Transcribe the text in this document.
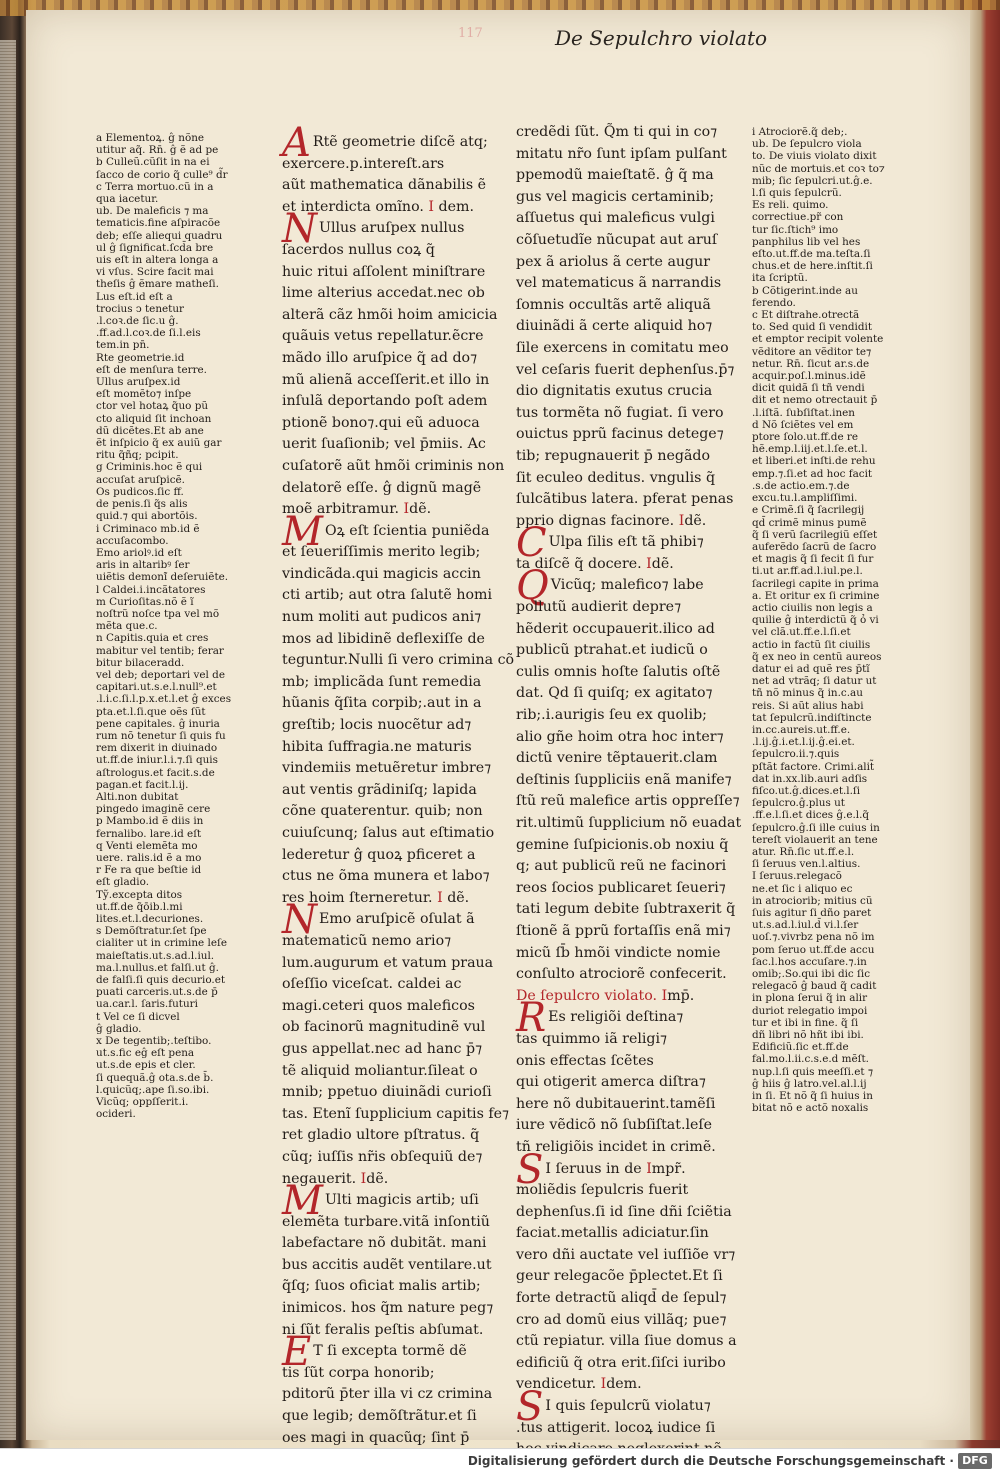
117	De Sepulchro violato
a Elementoꝝ. ĝ nõne
utitur aq̃. Rn̄. ĝ ẽ ad pe
b Culleũ.cũſit in na ei
ſacco de corio q̃ culle⁹ d̃r
c Terra mortuo.cũ in a
qua iacetur.
ub. De maleficis ⁊ ma
tematicis.fine aſpiracõe
deb; eſſe aliequi quadru
ul ĝ ſignificat.ſcd̄a bre
uis eſt in altera longa a
vi vſus. Scire facit mai
theſis ĝ ẽmare matheſi.
Lus eſt.id eſt a
trocius ↄ tenetur
.l.coꝛ.de ſic.u ĝ.
.ff.ad.l.coꝛ.de ſi.l.eis
tem.in pn̄.
Rte geometrie.id
eſt de menſura terre.
Ullus aruſpex.id
eſt momẽto⁊ inſpe
ctor vel hotaꝝ q̃uo pũ
cto aliquid ſit inchoan
dũ dicẽtes.Et ab ane
ẽt inſpicio q̃ ex auiũ gar
ritu q̃ñq; pcipit.
g Criminis.hoc ẽ qui
accuſat aruſpicẽ.
Os pudicos.ſic ff.
de penis.ſi q̃s alis
quid.⁊ qui abortõis.
i Criminaco mb.id ẽ
accuſacombo.
Emo ariolꝰ.id eſt
aris in altaribꝰ ſer
uiẽtis demoni̇̃ deſeruiẽte.
l Caldei.i.incãtatores
m Curioſitas.nõ ẽ ĩ
noſtrũ noſce tpa vel mõ
mẽta que.c.
n Capitis.quia et cres
mabitur vel tentib; ferar
bitur bilaceradd.
vel deb; deportari vel de
capitari.ut.s.e.l.null⁹.et
.l.i.c.ſi.l.p.x.et.l.et ĝ exces
pta.et.l.ſi.que oẽs ſũt
pene capitales. ĝ inuria
rum nõ tenetur ſi quis fu
rem dixerit in diuinado
ut.ff.de iniur.l.i.⁊.ſi quis
aſtrologus.et facit.s.de
pagan.et facit.l.ij.
Alti.non dubitat
pingedo imaginẽ cere
p Mambo.id ẽ diis in
fernalibo. lare.id eſt
q Venti elemẽta mo
uere. ralis.id ẽ a mo
r Fe ra que beſtie id
eſt gladio.
Tỹ.excepta ditos
ut.ff.de q̃ōib.l.mi
lites.et.l.decuriones.
s Demõſtratur.ſet ſpe
cialiter ut in crimine leſe
maieſtatis.ut.s.ad.l.iul.
ma.l.nullus.et falſi.ut ĝ.
de falſi.ſi quis decurio.et
puati carceris.ut.s.de p̄
ua.car.l. ſaris.futuri
t Vel ce ſi dicvel
ĝ gladio.
x De tegentib;.teſtibo.
ut.s.fic eĝ eſt pena
ut.s.de epis et cler.
ſi quequã.ĝ ota.s.de b̄.
l.quicũq;.ape ſi.so.ibi.
Vicũq; oppſſerit.i.
ocideri.
A Rtẽ geometrie diſcẽ atq;
exercere.p.intereſt.ars
aũt mathematica dãnabilis ẽ
et interdicta omĩno. I dem.
N Ullus aruſpex nullus
ſacerdos nullus coꝝ q̃
huic ritui aſſolent miniſtrare
lime alterius accedat.nec ob
alterã cãz hmõi hoim amicicia
quãuis vetus repellatur.ẽcre
mãdo illo aruſpice q̃ ad do⁊
mũ alienã acceſſerit.et illo in
inſulã deportando poſt adem
ptionẽ bono⁊.qui eũ aduoca
uerit ſuaſionib; vel p̄miis. Ac
cuſatorẽ aũt hmõi criminis non
delatorẽ eſſe. ĝ dignũ magẽ
moẽ arbitramur. Idẽ.
M Oꝝ eſt ſcientia puniẽda
et ſeueriſſimis merito legib;
vindicãda.qui magicis accin
cti artib; aut otra ſalutẽ homi
num moliti aut pudicos ani⁊
mos ad libidinẽ deflexiſſe de
teguntur.Nulli ſi vero crimina cõ
mb; implicãda ſunt remedia
hũanis q̃ſita corpib;.aut in a
greſtib; locis nuocẽtur ad⁊
hibita ſuffragia.ne maturis
vindemiis metuẽretur imbre⁊
aut ventis grãdiniſq; lapida
cõne quaterentur. quib; non
cuiuſcunq; ſalus aut eſtimatio
lederetur ĝ quoꝝ pficeret a
ctus ne õma munera et labo⁊
res hoim ſterneretur. I dẽ.
N Emo aruſpicẽ oſulat ã
matematicũ nemo ario⁊
lum.augurum et vatum praua
oſeſſio viceſcat. caldei ac
magi.ceteri quos maleficos
ob facinorũ magnitudinẽ vul
gus appellat.nec ad hanc p̄⁊
tẽ aliquid moliantur.ſileat o
mnib; ppetuo diuinãdi curioſi
tas. Etenĩ ſupplicium capitis fe⁊
ret gladio ultore pſtratus. q̃
cũq; iuſſis nr̃is obſequiũ de⁊
negauerit. Idẽ.
M Ulti magicis artib; uſi
elemẽta turbare.vitã inſontiũ
labefactare nõ dubitãt. mani
bus accitis audẽt ventilare.ut
q̃ſq; ſuos oficiat malis artib;
inimicos. hos q̃m nature peg⁊
ni ſũt feralis peſtis abſumat.
E T ſi excepta tormẽ dẽ
tis ſũt corpa honorib;
pditorũ p̄ter illa vi cz crimina
que legib; demõſtrãtur.et ſi
oes magi in quacũq; ſint p̄
credẽdi ſũt. Q̃m ti qui in co⁊
mitatu nr̃o ſunt ipſam pulſant
ppemodũ maieſtatẽ. ĝ q̃ ma
gus vel magicis certaminib;
aſſuetus qui maleficus vulgi
cõſuetudĩe nũcupat aut aruſ
pex ã ariolus ã certe augur
vel matematicus ã narrandis
ſomnis occultãs artẽ aliquã
diuinãdi ã certe aliquid ho⁊
ſile exercens in comitatu meo
vel ceſaris fuerit dephenſus.p̄⁊
dio dignitatis exutus crucia
tus tormẽta nõ fugiat. ſi vero
ouictus pprũ facinus detege⁊
tib; repugnauerit p̄ negãdo
ſit eculeo deditus. vngulis q̃
ſulcãtibus latera. pferat penas
pprio dignas facinore. Idẽ.
C Ulpa ſilis eſt tã phibi⁊
ta diſcẽ q̃ docere. Idẽ.
Q Vicũq; malefico⁊ labe
pollutũ audierit depre⁊
hẽderit occupauerit.ilico ad
publicũ ptrahat.et iudicũ o
culis omnis hoſte ſalutis oſtẽ
dat. Qd ſi quiſq; ex agitato⁊
rib;.i.aurigis ſeu ex quolib;
alio gñe hoim otra hoc inter⁊
dictũ venire tẽptauerit.clam
deſtinis ſuppliciis enã manife⁊
ſtũ reũ malefice artis oppreſſe⁊
rit.ultimũ ſupplicium nõ euadat
gemine ſuſpicionis.ob noxiu q̃
q; aut publicũ reũ ne facinori
reos ſocios publicaret ſeueri⁊
tati legum debite ſubtraxerit q̃
ſtionẽ ã pprũ fortaſſis enã mi⁊
micũ ſb̄ hmõi vindicte nomi̇e
conſulto atrociorẽ confecerit.
De ſepulcro violato. Imp̄.
R Es religiõi deſtina⁊
tas quimmo iã religi⁊
onis effectas ſcẽtes
qui otigerit amerca diſtra⁊
here nõ dubitauerint.tamẽſi
iure vẽdicõ nõ ſubſiſtat.leſe
tñ religiõis incidet in crimẽ.
S I ſeruus in de Impr̃.
moliẽdis ſepulcris fuerit
dephenſus.ſi id ſine dñi ſciẽtia
faciat.metallis adiciatur.ſin
vero dñi auctate vel iuſſiõe vr⁊
geur relegacõe p̄plectet.Et ſi
forte detractũ aliqd̄ de ſepul⁊
cro ad domũ eius villãq; pue⁊
ctũ repiatur. villa ſiue domus a
edificiũ q̃ otra erit.ſiſci iuribo
vendicetur. Idem.
S I quis ſepulcrũ violatu⁊
.tus attigerit. locoꝝ iudice ſi
i Atrociorẽ.q̃ deb;.
ub. De ſepulcro viola
to. De viuis violato dixit
nũc de mortuis.et coꝛ to⁊
mib; ſic ſepulcri.ut.ĝ.e.
l.ſi quis ſepulcrũ.
Es reli. quimo.
correctiue.pr̃ con
tur ſic.ſtich⁹ imo
panphilus lib vel hes
eſto.ut.ff.de ma.teſta.ſi
chus.et de here.inſtit.ſi
ita ſcriptũ.
b Cõtigerint.inde au
ferendo.
c Et diſtrahe.otrectã
to. Sed quid ſi vendidit
et emptor recipit volente
vẽditore an vẽditor te⁊
netur. Rn̄. ſicut ar.s.de
acquir.poſ.l.minus.idẽ
dicit quidã ſi tñ vendi
dit et nemo otrectauit p̄
.l.iſtã. ſubſiſtat.inen
d Nõ ſciẽtes vel em
ptore ſolo.ut.ff.de re
hẽ.emp.l.iij.et.l.ſe.et.l.
et liberi.et inſti.de rehu
emp.⁊.ſi.et ad hoc facit
.s.de actio.em.⁊.de
excu.tu.l.ampliſſimi.
e Crimẽ.ſi q̃ ſacrilegij
qd̄ crimẽ minus pumẽ
q̃ ſi verũ ſacrilegiũ eſſet
auferẽdo ſacrũ de ſacro
et magis q̃ ſi fecit ſi fur
ti.ut ar.ff.ad.l.iul.pe.l.
ſacrilegi capite in prima
a. Et oritur ex ſi crimine
actio ciuilis non legis a
quilie ĝ interdictũ q̃ ỏ vi
vel clã.ut.ff.e.l.ſi.et
actio in factũ ſit ciuilis
q̃ ex neo in centũ aureos
datur ei ad quẽ res p̄tĩ
net ad vtrãq; ſi datur ut
tñ nõ minus q̃ in.c.au
reis. Si aũt alius habi
tat ſepulcrũ.indiſtincte
in.cc.aureis.ut.ff.e.
.l.ij.ĝ.i.et.l.ij.ĝ.ei.et.
ſepulcro.ii.⁊.quis
pſtãt factore. Crimi.alit̃
dat in.xx.lib.auri adſis
fiſco.ut.ĝ.dices.et.l.ſi
ſepulcro.ĝ.plus ut
.ff.e.l.ſi.et dices ĝ.e.l.q̃
ſepulcro.ĝ.ſi ille cuius in
tereſt violauerit an tene
atur. Rn̄.ſic ut.ff.e.l.
ſi ſeruus ven.l.altius.
I ſeruus.relegacõ
ne.et ſic i aliquo ec
in atrociorib; mitius cũ
ſuis agitur ſi dño paret
ut.s.ad.l.iul.d̄ vi.l.ſer
uoſ.⁊.vivrbz pena nõ im
pom ſeruo ut.ff.de accu
ſac.l.hos accuſare.⁊.in
omib;.So.qui ibi dic ſic
relegacõ ĝ baud q̃ cadit
in plona ſerui q̃ in alir
duriot relegatio impoi
tur et ibi in fine. q̃ ſi
dñ libri nõ hñt ibi ibi.
Edificiũ.ſic et.ff.de
fal.mo.l.ii.c.s.e.d mẽſt.
nup.l.ſi quis meeſſi.et ⁊
ĝ hiis ĝ latro.vel.al.l.ij
in ſi. Et nõ q̃ ſi huius in
bitat nõ e actõ noxalis
Digitalisierung gefördert durch die Deutsche Forschungsgemeinschaft · DFG
